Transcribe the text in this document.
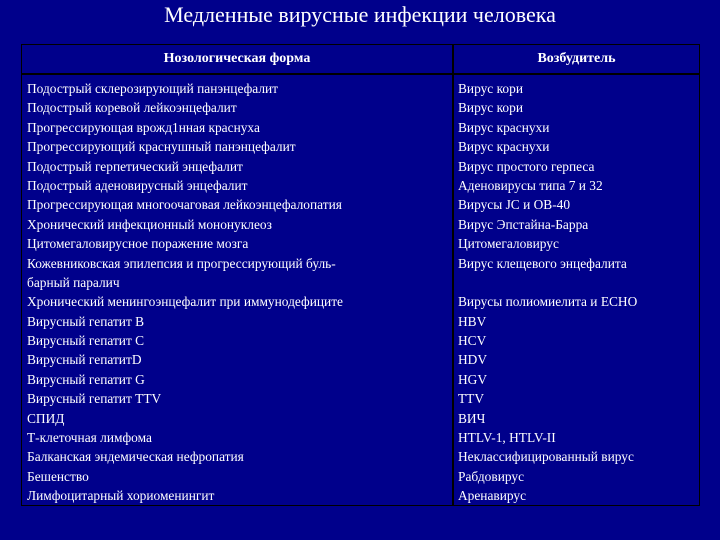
Медленные вирусные инфекции человека
Нозологическая форма	Возбудитель
Подострый склерозирующий панэнцефалит
Подострый коревой лейкоэнцефалит
Прогрессирующая врожд1нная краснуха
Прогрессирующий краснушный панэнцефалит
Подострый герпетический энцефалит
Подострый аденовирусный энцефалит
Прогрессирующая многоочаговая лейкоэнцефалопатия
Хронический инфекционный мононуклеоз
Цитомегаловирусное поражение мозга
Кожевниковская эпилепсия и прогрессирующий буль-
барный паралич
Хронический менингоэнцефалит при иммунодефиците
Вирусный гепатит B
Вирусный гепатит C
Вирусный гепатитD
Вирусный гепатит G
Вирусный гепатит TTV
СПИД
Т-клеточная лимфома
Балканская эндемическая нефропатия
Бешенство
Лимфоцитарный хориоменингит
Вирус кори
Вирус кори
Вирус краснухи
Вирус краснухи
Вирус простого герпеса
Аденовирусы типа 7 и 32
Вирусы JC и OB-40
Вирус Эпстайна-Барра
Цитомегаловирус
Вирус клещевого энцефалита
Вирусы полиомиелита и ECHO
HBV
HCV
HDV
HGV
TTV
ВИЧ
HTLV-1, HTLV-II
Неклассифицированный вирус
Рабдовирус
Аренавирус
